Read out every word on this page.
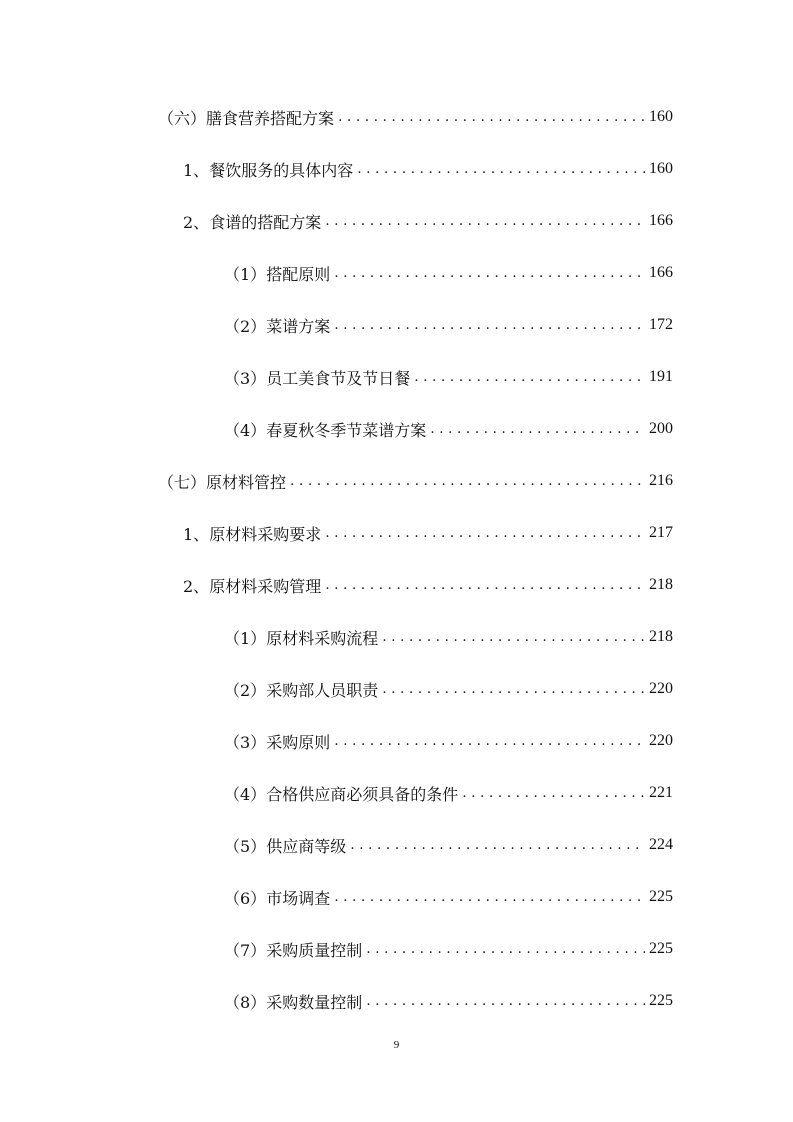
（六） 膳食营养搭配方案 . . .	160
1、 餐饮服务的具体内容 . . .	160
2、 食谱的搭配方案 . . .	166
（1） 搭配原则 . . .	166
（2） 菜谱方案 . . .	172
（3） 员工美食节及节日餐 . . .	191
（4） 春夏秋冬季节菜谱方案 . . .	200
（七） 原材料管控 . . .	216
1、 原材料采购要求 . . .	217
2、 原材料采购管理 . . .	218
（1） 原材料采购流程 . . .	218
（2） 采购部人员职责 . . .	220
（3） 采购原则 . . .	220
（4） 合格供应商必须具备的条件 . . .	221
（5） 供应商等级 . . .	224
（6） 市场调查 . . .	225
（7） 采购质量控制 . . .	225
（8） 采购数量控制 . . .	225
9
